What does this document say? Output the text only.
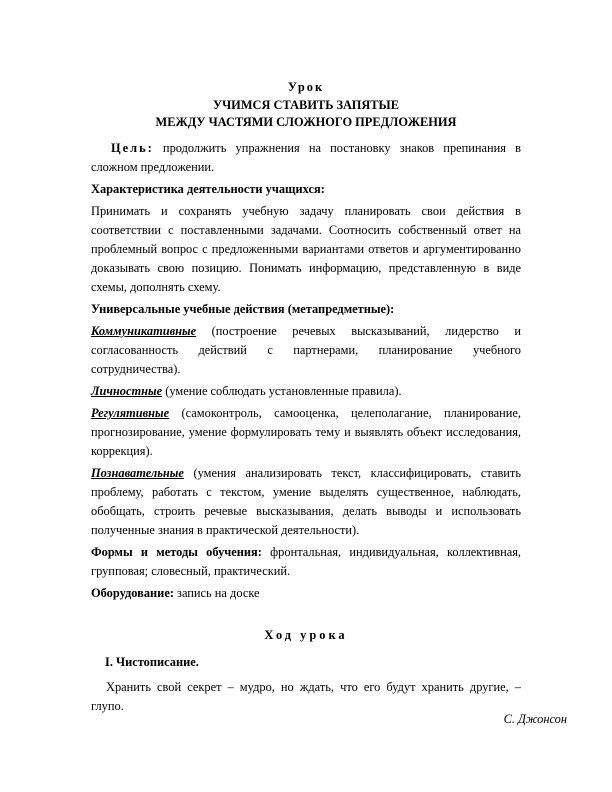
Урок
УЧИМСЯ СТАВИТЬ ЗАПЯТЫЕ
МЕЖДУ ЧАСТЯМИ СЛОЖНОГО ПРЕДЛОЖЕНИЯ

Цель: продолжить упражнения на постановку знаков препинания в сложном предложении.

Характеристика деятельности учащихся:

Принимать и сохранять учебную задачу планировать свои действия в соответствии с поставленными задачами. Соотносить собственный ответ на проблемный вопрос с предложенными вариантами ответов и аргументированно доказывать свою позицию. Понимать информацию, представленную в виде схемы, дополнять схему.

Универсальные учебные действия (метапредметные):

Коммуникативные (построение речевых высказываний, лидерство и согласованность действий с партнерами, планирование учебного сотрудничества).

Личностные (умение соблюдать установленные правила).

Регулятивные (самоконтроль, самооценка, целеполагание, планирование, прогнозирование, умение формулировать тему и выявлять объект исследования, коррекция).

Познавательные (умения анализировать текст, классифицировать, ставить проблему, работать с текстом, умение выделять существенное, наблюдать, обобщать, строить речевые высказывания, делать выводы и использовать полученные знания в практической деятельности).

Формы и методы обучения: фронтальная, индивидуальная, коллективная, групповая; словесный, практический.

Оборудование: запись на доске

Ход урока
I. Чистописание.
Хранить свой секрет – мудро, но ждать, что его будут хранить другие, – глупо.
С. Джонсон
